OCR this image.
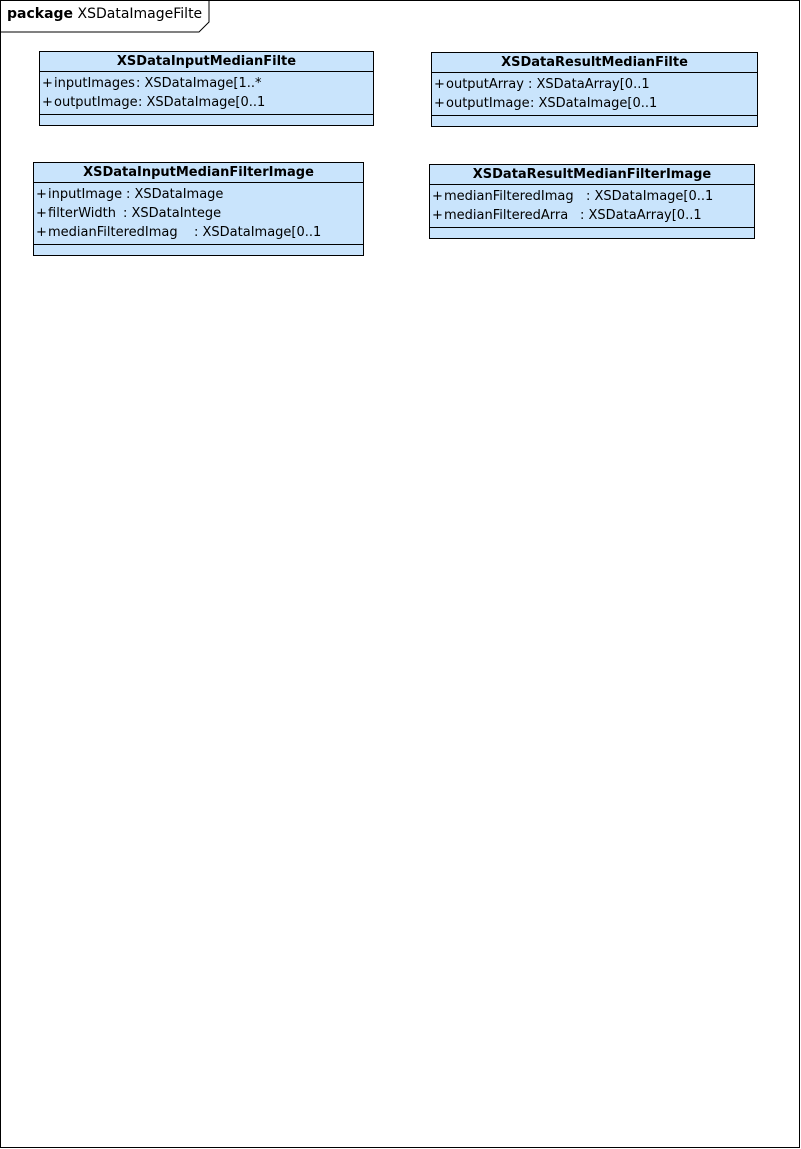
package XSDataImageFilte
XSDataInputMedianFilte
+inputImages: XSDataImage[1..*
+outputImage: XSDataImage[0..1
XSDataResultMedianFilte
+outputArray : XSDataArray[0..1
+outputImage: XSDataImage[0..1
XSDataInputMedianFilterImage
+inputImage : XSDataImage
+filterWidth : XSDataIntege
+medianFilteredImag : XSDataImage[0..1
XSDataResultMedianFilterImage
+medianFilteredImag : XSDataImage[0..1
+medianFilteredArra : XSDataArray[0..1
